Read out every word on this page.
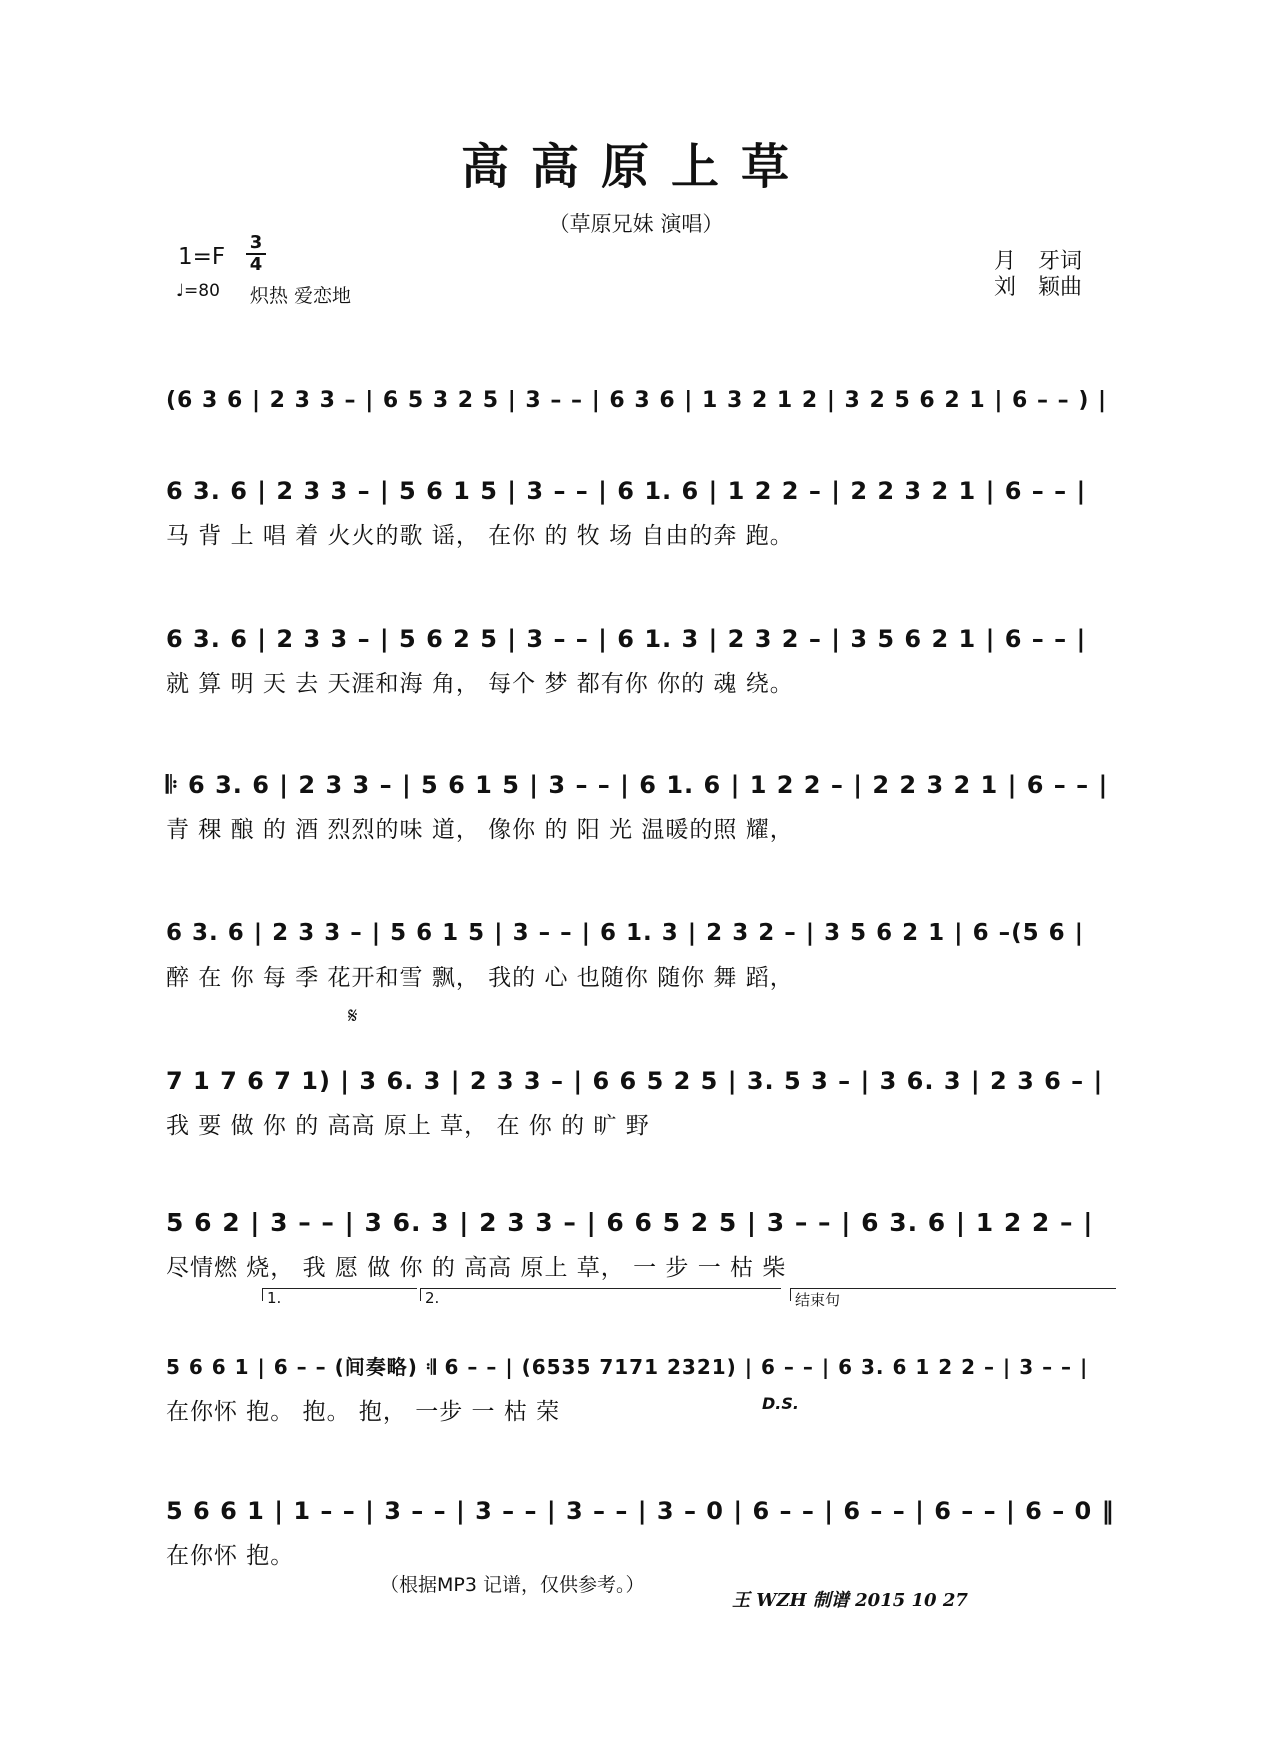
高高原上草
（草原兄妹 演唱）
1=F
3
4
♩=80 炽热 爱恋地
月　牙词
刘　颖曲
(6 3 6 | 2 3 3 – | 6 5 3 2 5 | 3 – – | 6 3 6 | 1 3 2 1 2 | 3 2 5 6 2 1 | 6 – – ) |
6 3. 6 | 2 3 3 – | 5 6 1 5 | 3 – – | 6 1. 6 | 1 2 2 – | 2 2 3 2 1 | 6 – – |
马 背 上 唱 着 火火的歌 谣， 在你 的 牧 场 自由的奔 跑。
6 3. 6 | 2 3 3 – | 5 6 2 5 | 3 – – | 6 1. 3 | 2 3 2 – | 3 5 6 2 1 | 6 – – |
就 算 明 天 去 天涯和海 角， 每个 梦 都有你 你的 魂 绕。
𝄆 6 3. 6 | 2 3 3 – | 5 6 1 5 | 3 – – | 6 1. 6 | 1 2 2 – | 2 2 3 2 1 | 6 – – |
青 稞 酿 的 酒 烈烈的味 道， 像你 的 阳 光 温暖的照 耀，
6 3. 6 | 2 3 3 – | 5 6 1 5 | 3 – – | 6 1. 3 | 2 3 2 – | 3 5 6 2 1 | 6 –(5 6 |
醉 在 你 每 季 花开和雪 飘， 我的 心 也随你 随你 舞 蹈，
𝄋
7 1 7 6 7 1) | 3 6. 3 | 2 3 3 – | 6 6 5 2 5 | 3. 5 3 – | 3 6. 3 | 2 3 6 – |
我 要 做 你 的 高高 原上 草， 在 你 的 旷 野
5 6 2 | 3 – – | 3 6. 3 | 2 3 3 – | 6 6 5 2 5 | 3 – – | 6 3. 6 | 1 2 2 – |
尽情燃 烧， 我 愿 做 你 的 高高 原上 草， 一 步 一 枯 柴
1.	2.	结束句
5 6 6 1 | 6 – – (间奏略) 𝄇 6 – – | (6535 7171 2321) | 6 – – | 6 3. 6 1 2 2 – | 3 – – |
在你怀 抱。 抱。 抱， 一步 一 枯 荣	D.S.
5 6 6 1 | 1 – – | 3 – – | 3 – – | 3 – – | 3 – 0 | 6 – – | 6 – – | 6 – – | 6 – 0 ‖
在你怀 抱。
（根据MP3 记谱，仅供参考。）
王 WZH 制谱 2015 10 27
